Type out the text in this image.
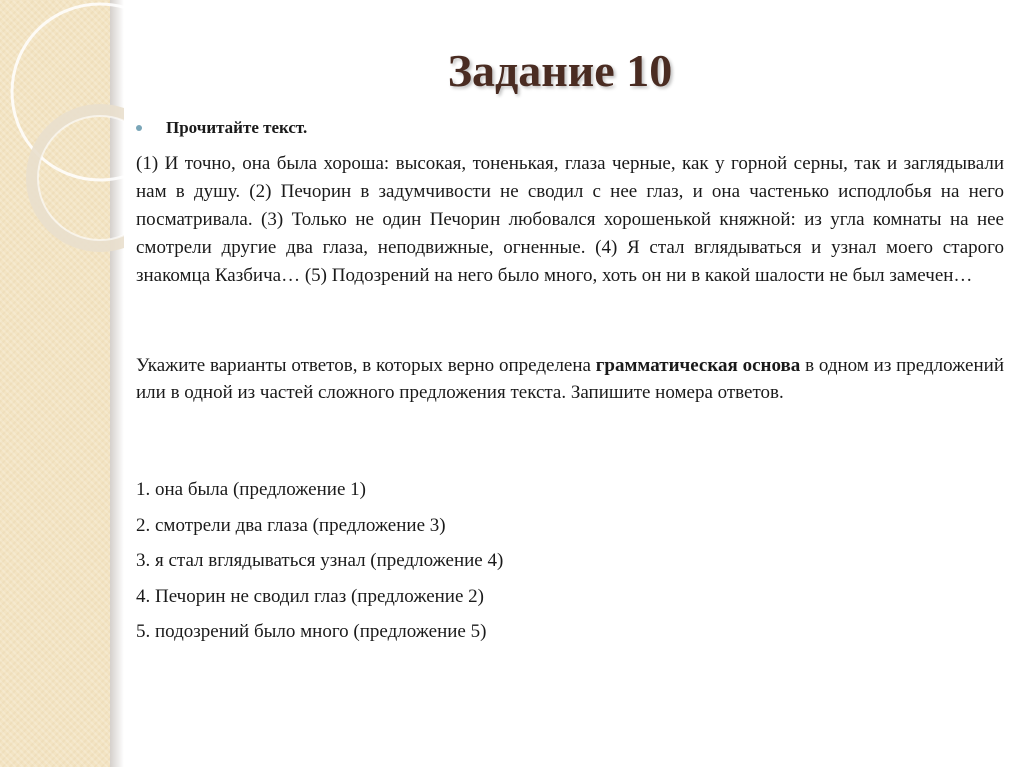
Задание 10
Прочитайте текст.

(1) И точно, она была хороша: высокая, тоненькая, глаза черные, как у горной серны, так и заглядывали нам в душу. (2) Печорин в задумчивости не сводил с нее глаз, и она частенько исподлобья на него посматривала. (3) Только не один Печорин любовался хорошенькой княжной: из угла комнаты на нее смотрели другие два глаза, неподвижные, огненные. (4) Я стал вглядываться и узнал моего старого знакомца Казбича… (5) Подозрений на него было много, хоть он ни в какой шалости не был замечен…

Укажите варианты ответов, в которых верно определена грамматическая основа в одном из предложений или в одной из частей сложного предложения текста. Запишите номера ответов.

1. она была (предложение 1)
2. смотрели два глаза (предложение 3)
3. я стал вглядываться узнал (предложение 4)
4. Печорин не сводил глаз (предложение 2)
5. подозрений было много (предложение 5)
